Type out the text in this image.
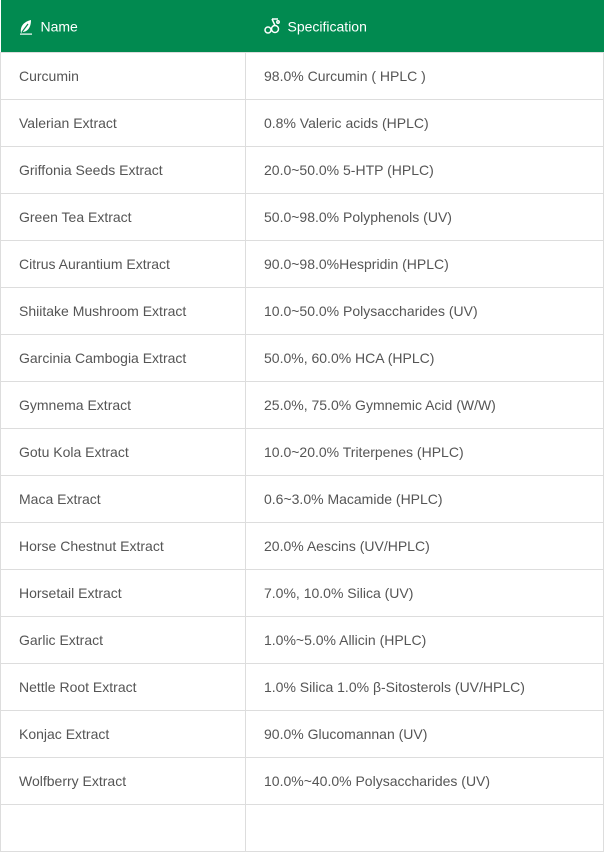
Name	Specification
Curcumin	98.0% Curcumin ( HPLC )
Valerian Extract	0.8% Valeric acids (HPLC)
Griffonia Seeds Extract	20.0~50.0% 5-HTP (HPLC)
Green Tea Extract	50.0~98.0% Polyphenols (UV)
Citrus Aurantium Extract	90.0~98.0%Hespridin (HPLC)
Shiitake Mushroom Extract	10.0~50.0% Polysaccharides (UV)
Garcinia Cambogia Extract	50.0%, 60.0% HCA (HPLC)
Gymnema Extract	25.0%, 75.0% Gymnemic Acid (W/W)
Gotu Kola Extract	10.0~20.0% Triterpenes (HPLC)
Maca Extract	0.6~3.0% Macamide (HPLC)
Horse Chestnut Extract	20.0% Aescins (UV/HPLC)
Horsetail Extract	7.0%, 10.0% Silica (UV)
Garlic Extract	1.0%~5.0% Allicin (HPLC)
Nettle Root Extract	1.0% Silica 1.0% β-Sitosterols (UV/HPLC)
Konjac Extract	90.0% Glucomannan (UV)
Wolfberry Extract	10.0%~40.0% Polysaccharides (UV)
